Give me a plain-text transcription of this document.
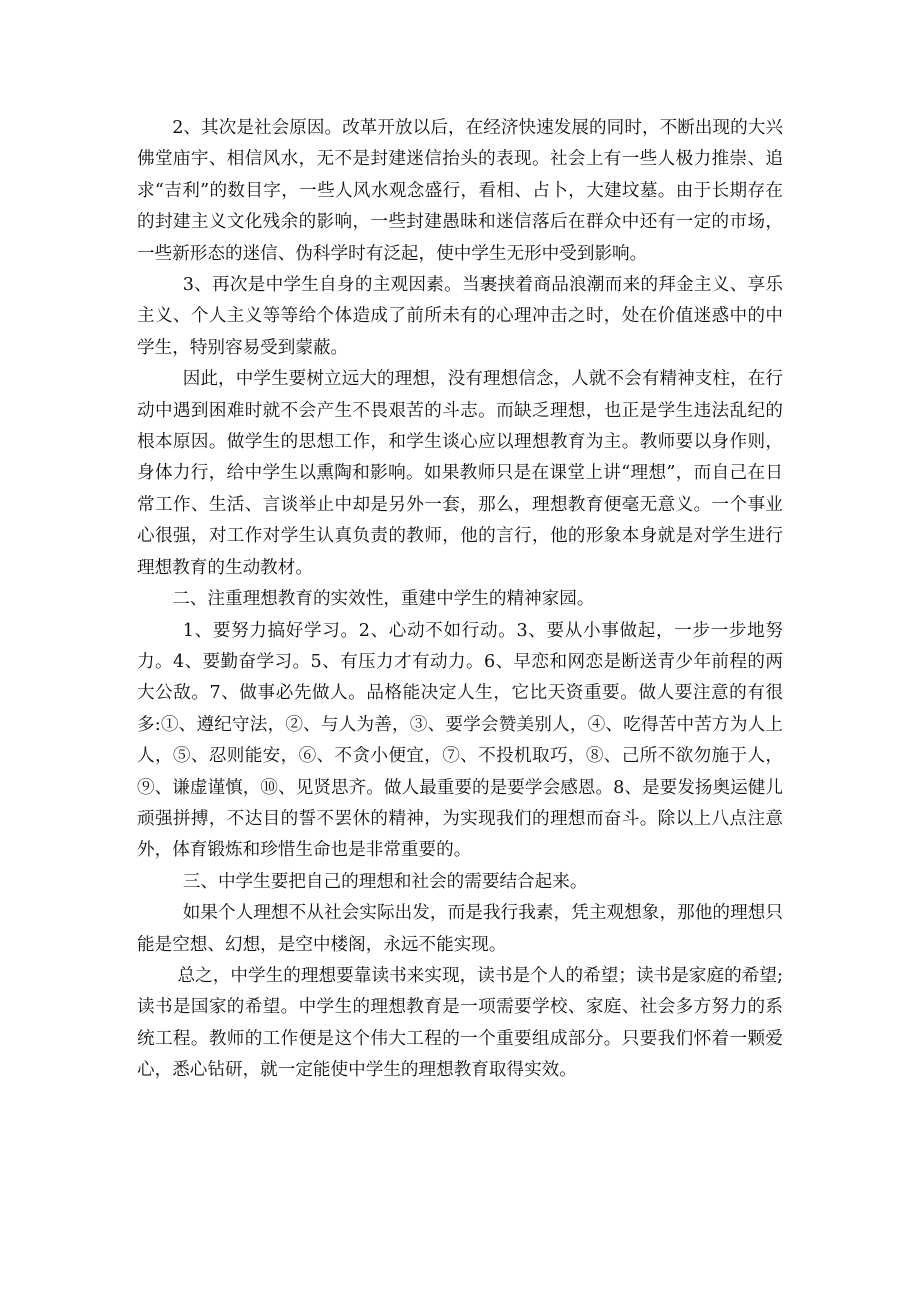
2、其次是社会原因。改革开放以后，在经济快速发展的同时，不断出现的大兴佛堂庙宇、相信风水，无不是封建迷信抬头的表现。社会上有一些人极力推崇、追求“吉利”的数目字，一些人风水观念盛行，看相、占卜，大建坟墓。由于长期存在的封建主义文化残余的影响，一些封建愚昧和迷信落后在群众中还有一定的市场，一些新形态的迷信、伪科学时有泛起，使中学生无形中受到影响。

3、再次是中学生自身的主观因素。当裹挟着商品浪潮而来的拜金主义、享乐主义、个人主义等等给个体造成了前所未有的心理冲击之时，处在价值迷惑中的中学生，特别容易受到蒙蔽。

因此，中学生要树立远大的理想，没有理想信念，人就不会有精神支柱，在行动中遇到困难时就不会产生不畏艰苦的斗志。而缺乏理想，也正是学生违法乱纪的根本原因。做学生的思想工作，和学生谈心应以理想教育为主。教师要以身作则，身体力行，给中学生以熏陶和影响。如果教师只是在课堂上讲“理想”，而自己在日常工作、生活、言谈举止中却是另外一套，那么，理想教育便毫无意义。一个事业心很强，对工作对学生认真负责的教师，他的言行，他的形象本身就是对学生进行理想教育的生动教材。

二、注重理想教育的实效性，重建中学生的精神家园。

1、要努力搞好学习。2、心动不如行动。3、要从小事做起，一步一步地努力。4、要勤奋学习。5、有压力才有动力。6、早恋和网恋是断送青少年前程的两大公敌。7、做事必先做人。品格能决定人生，它比天资重要。做人要注意的有很多:①、遵纪守法，②、与人为善，③、要学会赞美别人，④、吃得苦中苦方为人上人，⑤、忍则能安，⑥、不贪小便宜，⑦、不投机取巧，⑧、己所不欲勿施于人，⑨、谦虚谨慎，⑩、见贤思齐。做人最重要的是要学会感恩。8、是要发扬奥运健儿顽强拼搏，不达目的誓不罢休的精神，为实现我们的理想而奋斗。除以上八点注意外，体育锻炼和珍惜生命也是非常重要的。

三、中学生要把自己的理想和社会的需要结合起来。

如果个人理想不从社会实际出发，而是我行我素，凭主观想象，那他的理想只能是空想、幻想，是空中楼阁，永远不能实现。

总之，中学生的理想要靠读书来实现，读书是个人的希望；读书是家庭的希望; 读书是国家的希望。中学生的理想教育是一项需要学校、家庭、社会多方努力的系统工程。教师的工作便是这个伟大工程的一个重要组成部分。只要我们怀着一颗爱心，悉心钻研，就一定能使中学生的理想教育取得实效。
